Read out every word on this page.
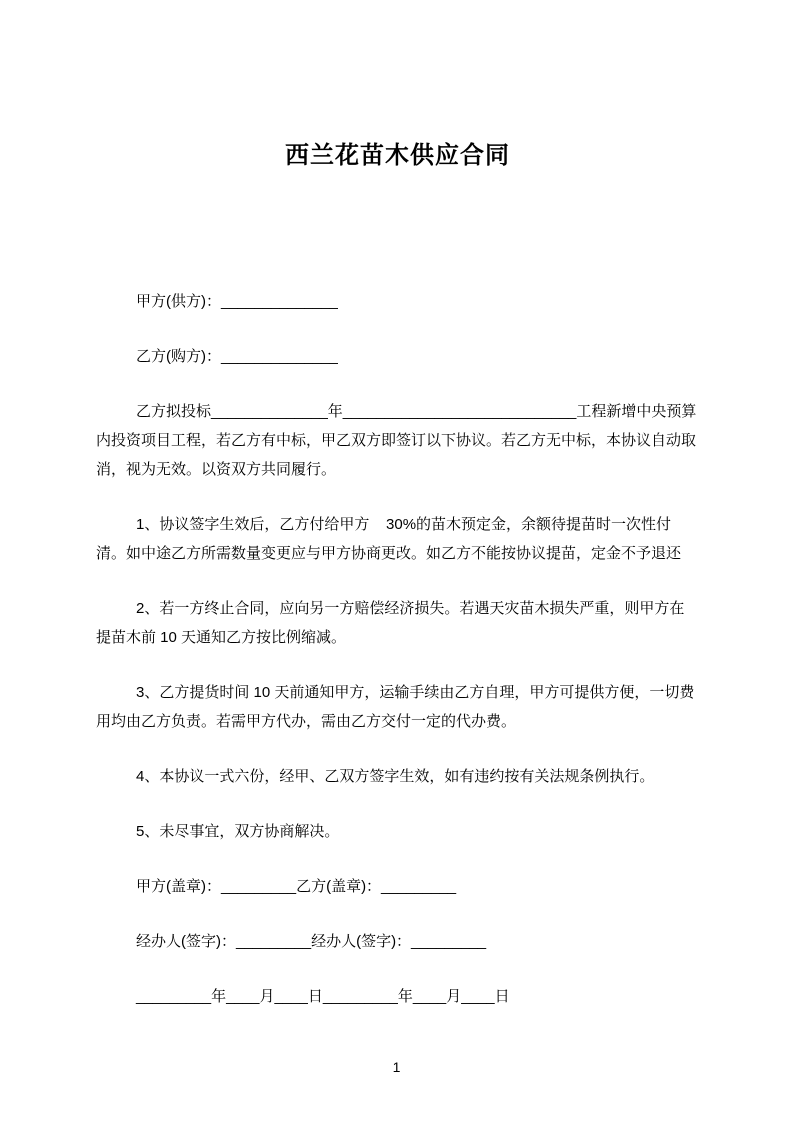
西兰花苗木供应合同

甲方(供方)：______________

乙方(购方)：______________

乙方拟投标______________年____________________________工程新增中央预算内投资项目工程，若乙方有中标，甲乙双方即签订以下协议。若乙方无中标，本协议自动取消，视为无效。以资双方共同履行。

1、协议签字生效后，乙方付给甲方    30%的苗木预定金，余额待提苗时一次性付清。如中途乙方所需数量变更应与甲方协商更改。如乙方不能按协议提苗，定金不予退还

2、若一方终止合同，应向另一方赔偿经济损失。若遇天灾苗木损失严重，则甲方在提苗木前 10 天通知乙方按比例缩减。

3、乙方提货时间 10 天前通知甲方，运输手续由乙方自理，甲方可提供方便，一切费用均由乙方负责。若需甲方代办，需由乙方交付一定的代办费。

4、本协议一式六份，经甲、乙双方签字生效，如有违约按有关法规条例执行。

5、未尽事宜，双方协商解决。

甲方(盖章)：_________乙方(盖章)：_________

经办人(签字)：_________经办人(签字)：_________

_________年____月____日_________年____月____日

1
